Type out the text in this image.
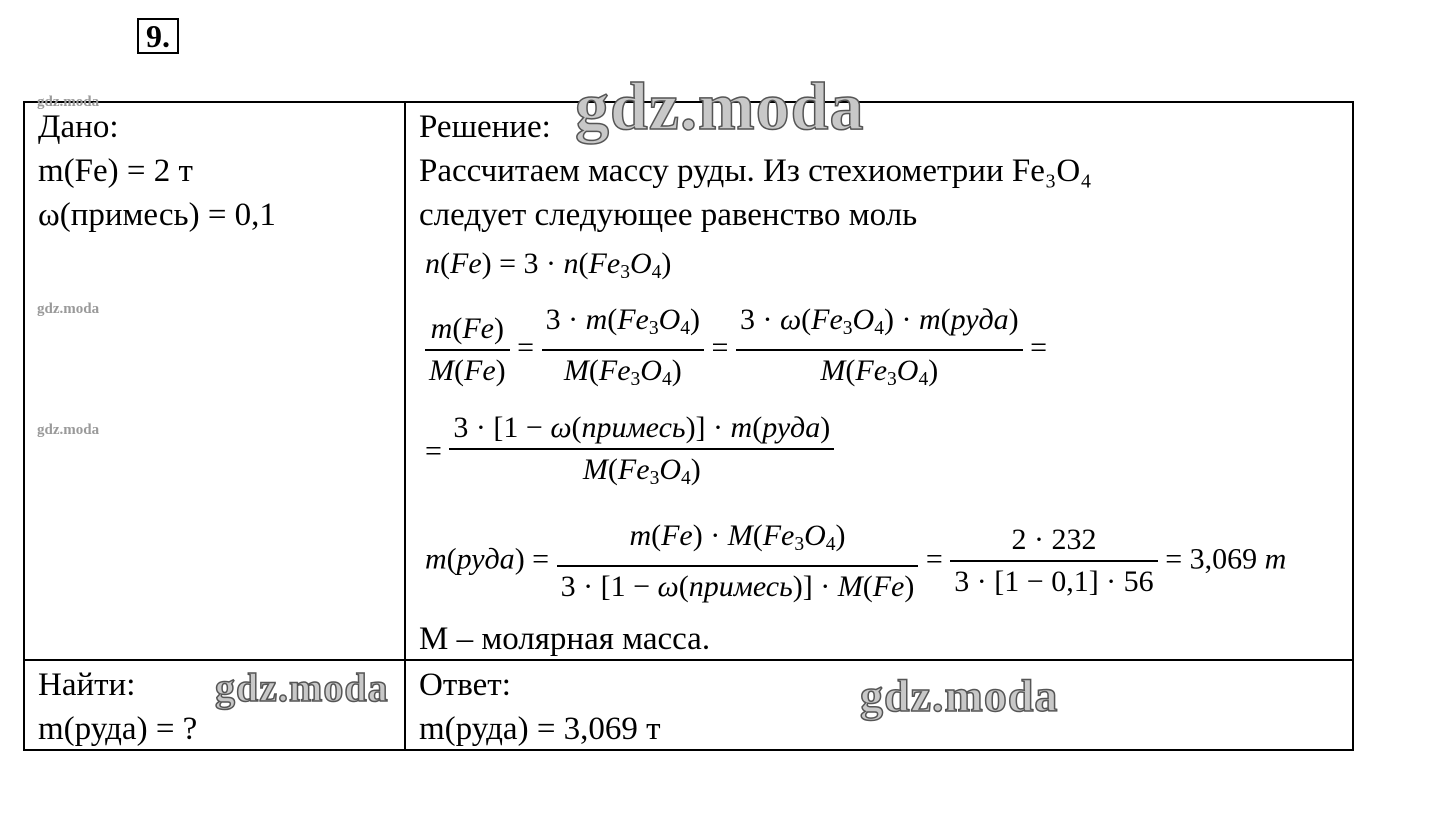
9.
gdz.moda
gdz.moda
gdz.moda
gdz.moda
gdz.moda	gdz.moda
Дано:
m(Fe) = 2 т
ω(примесь) = 0,1
Найти:
m(руда) = ?
Решение:
Рассчитаем массу руды. Из стехиометрии Fe₃O₄
следует следующее равенство моль
$n(Fe) = 3 \cdot n(Fe_3O_4)$
$\frac{m(Fe)}{M(Fe)} = \frac{3 \cdot m(Fe_3O_4)}{M(Fe_3O_4)} = \frac{3 \cdot \omega(Fe_3O_4) \cdot m(руда)}{M(Fe_3O_4)}$ =
= $\frac{\text{3 · [1 − ω(примесь)] · m(руда)}}{M(Fe_3O_4)}$
m(руда) = $\frac{m(Fe) \cdot M(Fe_3O_4)}{\text{3 · [1 − ω(примесь)] · M(Fe)}} = \frac{2 \cdot 232}{3 \cdot [1 - 0,1] \cdot 56} = 3,069$ т
M – молярная масса.
Ответ:
m(руда) = 3,069 т
